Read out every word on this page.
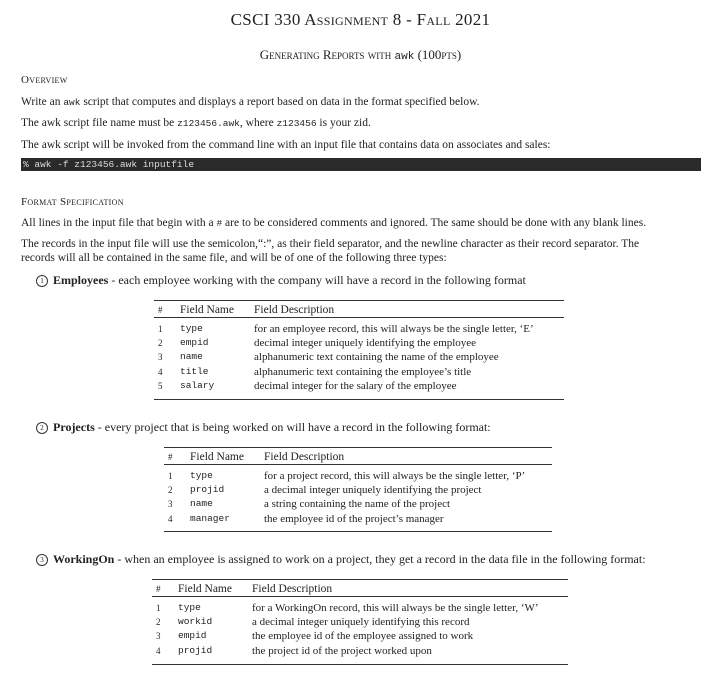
CSCI 330 Assignment 8 - Fall 2021
Generating Reports with awk (100pts)
Overview
Write an awk script that computes and displays a report based on data in the format specified below.
The awk script file name must be z123456.awk, where z123456 is your zid.
The awk script will be invoked from the command line with an input file that contains data on associates and sales:
% awk -f z123456.awk inputfile
Format Specification
All lines in the input file that begin with a # are to be considered comments and ignored. The same should be done with any blank lines.
The records in the input file will use the semicolon,“:”, as their field separator, and the newline character as their record separator. The
records will all be contained in the same file, and will be of one of the following three types:
1 Employees - each employee working with the company will have a record in the following format
#	Field Name	Field Description
1	type	for an employee record, this will always be the single letter, ‘E’
2	empid	decimal integer uniquely identifying the employee
3	name	alphanumeric text containing the name of the employee
4	title	alphanumeric text containing the employee’s title
5	salary	decimal integer for the salary of the employee
2 Projects - every project that is being worked on will have a record in the following format:
#	Field Name	Field Description
1	type	for a project record, this will always be the single letter, ‘P’
2	projid	a decimal integer uniquely identifying the project
3	name	a string containing the name of the project
4	manager	the employee id of the project’s manager
3 WorkingOn - when an employee is assigned to work on a project, they get a record in the data file in the following format:
#	Field Name	Field Description
1	type	for a WorkingOn record, this will always be the single letter, ‘W’
2	workid	a decimal integer uniquely identifying this record
3	empid	the employee id of the employee assigned to work
4	projid	the project id of the project worked upon
